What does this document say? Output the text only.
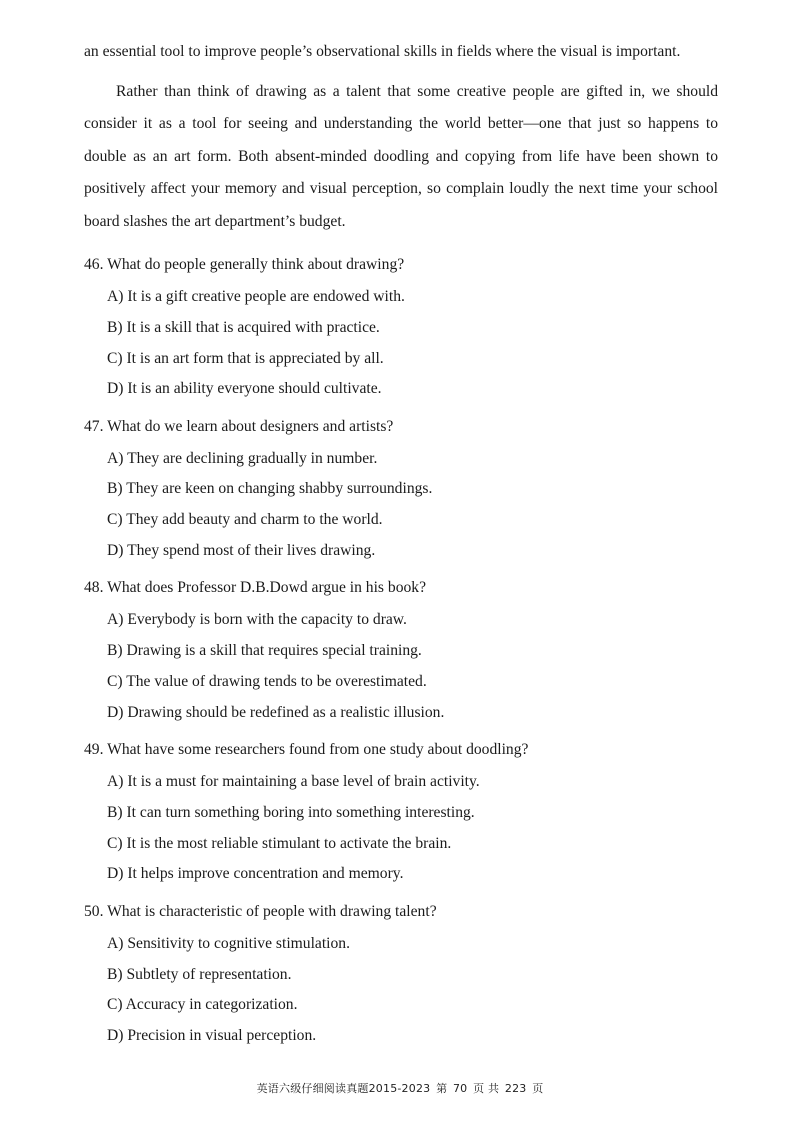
an essential tool to improve people’s observational skills in fields where the visual is important.

Rather than think of drawing as a talent that some creative people are gifted in, we should consider it as a tool for seeing and understanding the world better—one that just so happens to double as an art form. Both absent-minded doodling and copying from life have been shown to positively affect your memory and visual perception, so complain loudly the next time your school board slashes the art department’s budget.

46. What do people generally think about drawing?
A) It is a gift creative people are endowed with.
B) It is a skill that is acquired with practice.
C) It is an art form that is appreciated by all.
D) It is an ability everyone should cultivate.
47. What do we learn about designers and artists?
A) They are declining gradually in number.
B) They are keen on changing shabby surroundings.
C) They add beauty and charm to the world.
D) They spend most of their lives drawing.
48. What does Professor D.B.Dowd argue in his book?
A) Everybody is born with the capacity to draw.
B) Drawing is a skill that requires special training.
C) The value of drawing tends to be overestimated.
D) Drawing should be redefined as a realistic illusion.
49. What have some researchers found from one study about doodling?
A) It is a must for maintaining a base level of brain activity.
B) It can turn something boring into something interesting.
C) It is the most reliable stimulant to activate the brain.
D) It helps improve concentration and memory.
50. What is characteristic of people with drawing talent?
A) Sensitivity to cognitive stimulation.
B) Subtlety of representation.
C) Accuracy in categorization.
D) Precision in visual perception.
英语六级仔细阅读真题2015-2023 第 70 页 共 223 页
